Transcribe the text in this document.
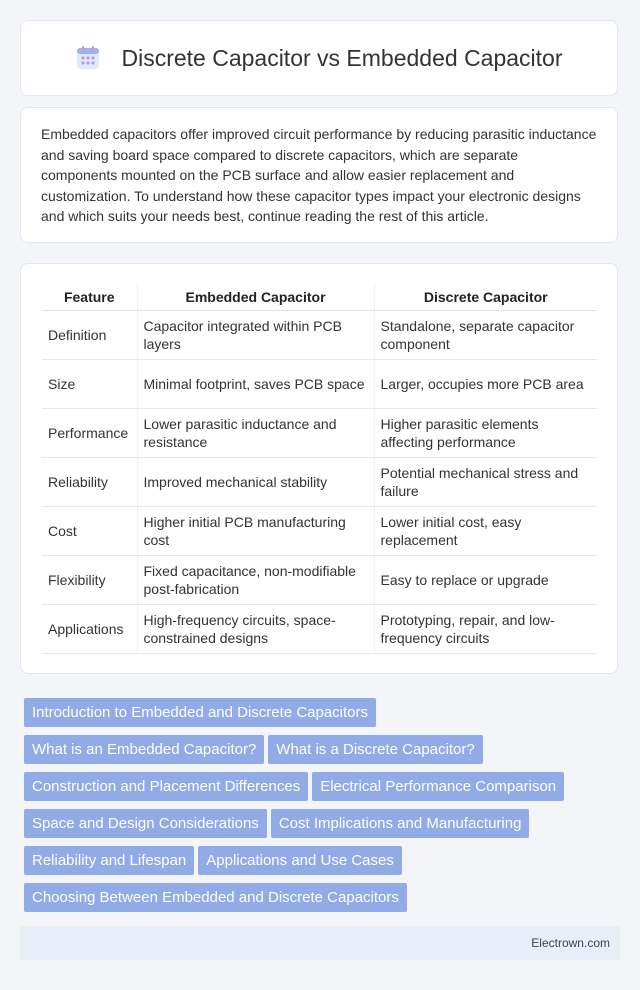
Discrete Capacitor vs Embedded Capacitor

Embedded capacitors offer improved circuit performance by reducing parasitic inductance and saving board space compared to discrete capacitors, which are separate components mounted on the PCB surface and allow easier replacement and customization. To understand how these capacitor types impact your electronic designs and which suits your needs best, continue reading the rest of this article.

Feature	Embedded Capacitor	Discrete Capacitor
Definition	Capacitor integrated within PCB layers	Standalone, separate capacitor component
Size	Minimal footprint, saves PCB space	Larger, occupies more PCB area
Performance	Lower parasitic inductance and resistance	Higher parasitic elements affecting performance
Reliability	Improved mechanical stability	Potential mechanical stress and failure
Cost	Higher initial PCB manufacturing cost	Lower initial cost, easy replacement
Flexibility	Fixed capacitance, non-modifiable post-fabrication	Easy to replace or upgrade
Applications	High-frequency circuits, space-constrained designs	Prototyping, repair, and low-frequency circuits
Introduction to Embedded and Discrete CapacitorsWhat is an Embedded Capacitor? What is a Discrete Capacitor?Construction and Placement Differences Electrical Performance ComparisonSpace and Design Considerations Cost Implications and ManufacturingReliability and Lifespan Applications and Use CasesChoosing Between Embedded and Discrete Capacitors
Electrown.com
